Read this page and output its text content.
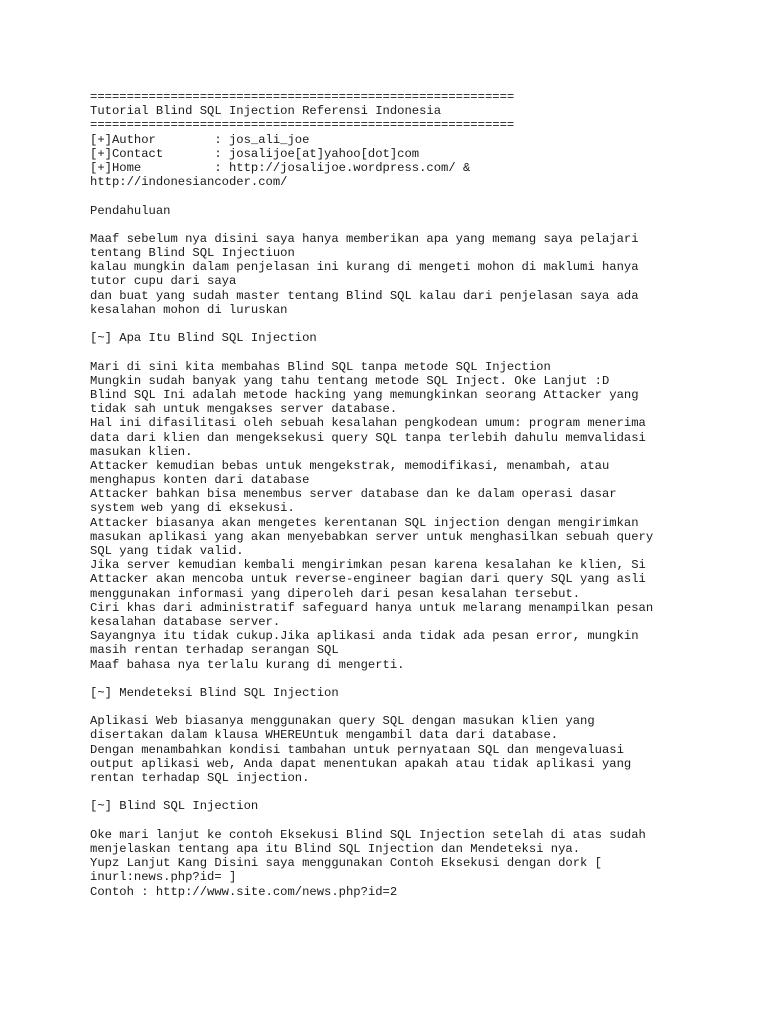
==========================================================
Tutorial Blind SQL Injection Referensi Indonesia
==========================================================
[+]Author        : jos_ali_joe
[+]Contact       : josalijoe[at]yahoo[dot]com
[+]Home          : http://josalijoe.wordpress.com/ &
http://indonesiancoder.com/
Pendahuluan
Maaf sebelum nya disini saya hanya memberikan apa yang memang saya pelajari
tentang Blind SQL Injectiuon
kalau mungkin dalam penjelasan ini kurang di mengeti mohon di maklumi hanya
tutor cupu dari saya
dan buat yang sudah master tentang Blind SQL kalau dari penjelasan saya ada
kesalahan mohon di luruskan
[~] Apa Itu Blind SQL Injection
Mari di sini kita membahas Blind SQL tanpa metode SQL Injection
Mungkin sudah banyak yang tahu tentang metode SQL Inject. Oke Lanjut :D
Blind SQL Ini adalah metode hacking yang memungkinkan seorang Attacker yang
tidak sah untuk mengakses server database.
Hal ini difasilitasi oleh sebuah kesalahan pengkodean umum: program menerima
data dari klien dan mengeksekusi query SQL tanpa terlebih dahulu memvalidasi
masukan klien.
Attacker kemudian bebas untuk mengekstrak, memodifikasi, menambah, atau
menghapus konten dari database
Attacker bahkan bisa menembus server database dan ke dalam operasi dasar
system web yang di eksekusi.
Attacker biasanya akan mengetes kerentanan SQL injection dengan mengirimkan
masukan aplikasi yang akan menyebabkan server untuk menghasilkan sebuah query
SQL yang tidak valid.
Jika server kemudian kembali mengirimkan pesan karena kesalahan ke klien, Si
Attacker akan mencoba untuk reverse-engineer bagian dari query SQL yang asli
menggunakan informasi yang diperoleh dari pesan kesalahan tersebut.
Ciri khas dari administratif safeguard hanya untuk melarang menampilkan pesan
kesalahan database server.
Sayangnya itu tidak cukup.Jika aplikasi anda tidak ada pesan error, mungkin
masih rentan terhadap serangan SQL
Maaf bahasa nya terlalu kurang di mengerti.
[~] Mendeteksi Blind SQL Injection
Aplikasi Web biasanya menggunakan query SQL dengan masukan klien yang
disertakan dalam klausa WHEREUntuk mengambil data dari database.
Dengan menambahkan kondisi tambahan untuk pernyataan SQL dan mengevaluasi
output aplikasi web, Anda dapat menentukan apakah atau tidak aplikasi yang
rentan terhadap SQL injection.
[~] Blind SQL Injection
Oke mari lanjut ke contoh Eksekusi Blind SQL Injection setelah di atas sudah
menjelaskan tentang apa itu Blind SQL Injection dan Mendeteksi nya.
Yupz Lanjut Kang Disini saya menggunakan Contoh Eksekusi dengan dork [
inurl:news.php?id= ]
Contoh : http://www.site.com/news.php?id=2
